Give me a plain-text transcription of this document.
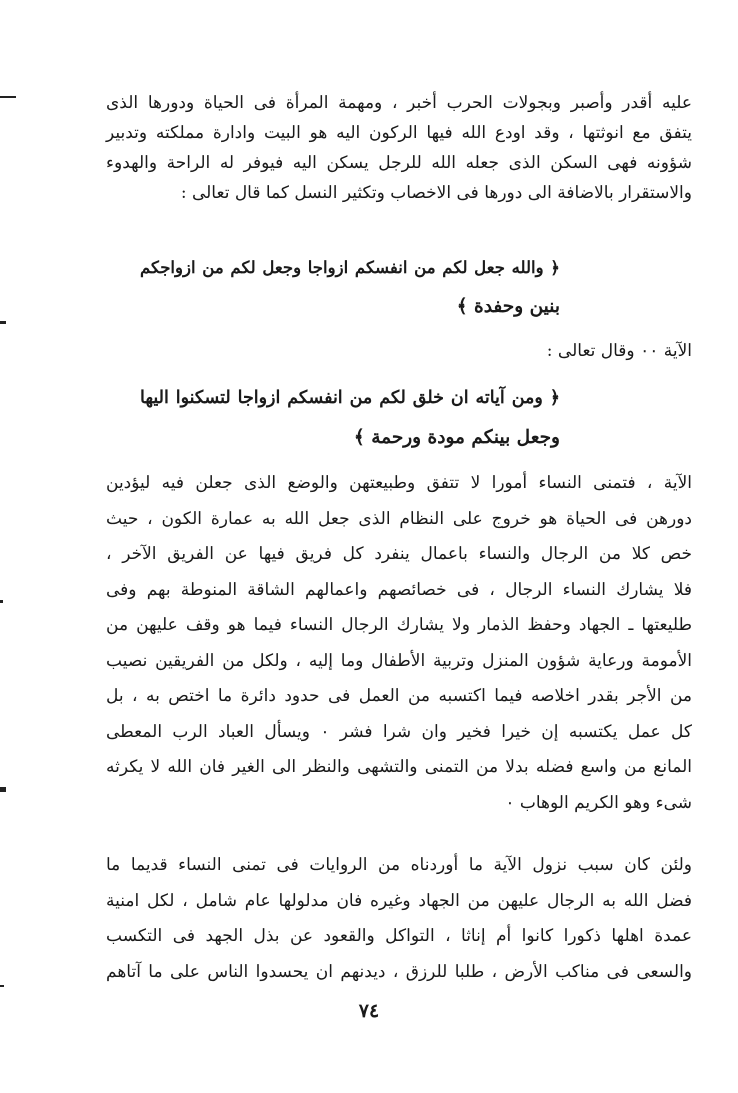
عليه أقدر وأصبر وبجولات الحرب أخبر ، ومهمة المرأة فى الحياة ودورها الذى
يتفق مع انوثتها ، وقد اودع الله فيها الركون اليه هو البيت وادارة مملكته وتدبير
شؤونه فهى السكن الذى جعله الله للرجل يسكن اليه فيوفر له الراحة والهدوء
والاستقرار بالاضافة الى دورها فى الاخصاب وتكثير النسل كما قال تعالى :

﴿ والله جعل لكم من انفسكم ازواجا وجعل لكم من ازواجكم
بنين وحفدة ﴾

الآية ٠٠ وقال تعالى :

﴿ ومن آياته ان خلق لكم من انفسكم ازواجا لتسكنوا اليها
وجعل بينكم مودة ورحمة ﴾

الآية ، فتمنى النساء أمورا لا تتفق وطبيعتهن والوضع الذى جعلن فيه ليؤدين
دورهن فى الحياة هو خروج على النظام الذى جعل الله به عمارة الكون ، حيث
خص كلا من الرجال والنساء باعمال ينفرد كل فريق فيها عن الفريق الآخر ،
فلا يشارك النساء الرجال ، فى خصائصهم واعمالهم الشاقة المنوطة بهم وفى
طليعتها ـ الجهاد وحفظ الذمار ولا يشارك الرجال النساء فيما هو وقف عليهن من
الأمومة ورعاية شؤون المنزل وتربية الأطفال وما إليه ، ولكل من الفريقين نصيب
من الأجر بقدر اخلاصه فيما اكتسبه من العمل فى حدود دائرة ما اختص به ، بل
كل عمل يكتسبه إن خيرا فخير وان شرا فشر ٠ ويسأل العباد الرب المعطى
المانع من واسع فضله بدلا من التمنى والتشهى والنظر الى الغير فان الله لا يكرثه
شىء وهو الكريم الوهاب ٠

ولئن كان سبب نزول الآية ما أوردناه من الروايات فى تمنى النساء قديما ما
فضل الله به الرجال عليهن من الجهاد وغيره فان مدلولها عام شامل ، لكل امنية
عمدة اهلها ذكورا كانوا أم إناثا ، التواكل والقعود عن بذل الجهد فى التكسب
والسعى فى مناكب الأرض ، طلبا للرزق ، ديدنهم ان يحسدوا الناس على ما آتاهم

٧٤
